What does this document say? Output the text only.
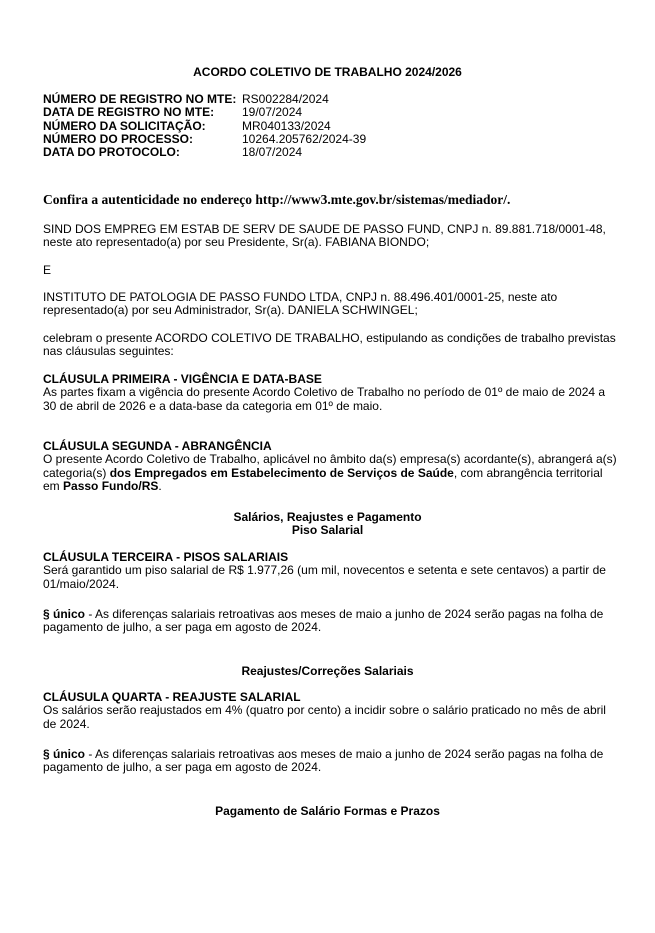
ACORDO COLETIVO DE TRABALHO 2024/2026
NÚMERO DE REGISTRO NO MTE: RS002284/2024
DATA DE REGISTRO NO MTE:	19/07/2024
NÚMERO DA SOLICITAÇÃO:	MR040133/2024
NÚMERO DO PROCESSO:	10264.205762/2024-39
DATA DO PROTOCOLO:	18/07/2024
Confira a autenticidade no endereço http://www3.mte.gov.br/sistemas/mediador/.
SIND DOS EMPREG EM ESTAB DE SERV DE SAUDE DE PASSO FUND, CNPJ n. 89.881.718/0001-48, neste ato representado(a) por seu Presidente, Sr(a). FABIANA BIONDO;
E
INSTITUTO DE PATOLOGIA DE PASSO FUNDO LTDA, CNPJ n. 88.496.401/0001-25, neste ato representado(a) por seu Administrador, Sr(a). DANIELA SCHWINGEL;
celebram o presente ACORDO COLETIVO DE TRABALHO, estipulando as condições de trabalho previstas nas cláusulas seguintes:
CLÁUSULA PRIMEIRA - VIGÊNCIA E DATA-BASE
As partes fixam a vigência do presente Acordo Coletivo de Trabalho no período de 01º de maio de 2024 a 30 de abril de 2026 e a data-base da categoria em 01º de maio.
CLÁUSULA SEGUNDA - ABRANGÊNCIA
O presente Acordo Coletivo de Trabalho, aplicável no âmbito da(s) empresa(s) acordante(s), abrangerá a(s) categoria(s) dos Empregados em Estabelecimento de Serviços de Saúde, com abrangência territorial em Passo Fundo/RS.
Salários, Reajustes e Pagamento
Piso Salarial
CLÁUSULA TERCEIRA - PISOS SALARIAIS
Será garantido um piso salarial de R$ 1.977,26 (um mil, novecentos e setenta e sete centavos) a partir de 01/maio/2024.
§ único - As diferenças salariais retroativas aos meses de maio a junho de 2024 serão pagas na folha de pagamento de julho, a ser paga em agosto de 2024.
Reajustes/Correções Salariais
CLÁUSULA QUARTA - REAJUSTE SALARIAL
Os salários serão reajustados em 4% (quatro por cento) a incidir sobre o salário praticado no mês de abril de 2024.
§ único - As diferenças salariais retroativas aos meses de maio a junho de 2024 serão pagas na folha de pagamento de julho, a ser paga em agosto de 2024.
Pagamento de Salário Formas e Prazos
